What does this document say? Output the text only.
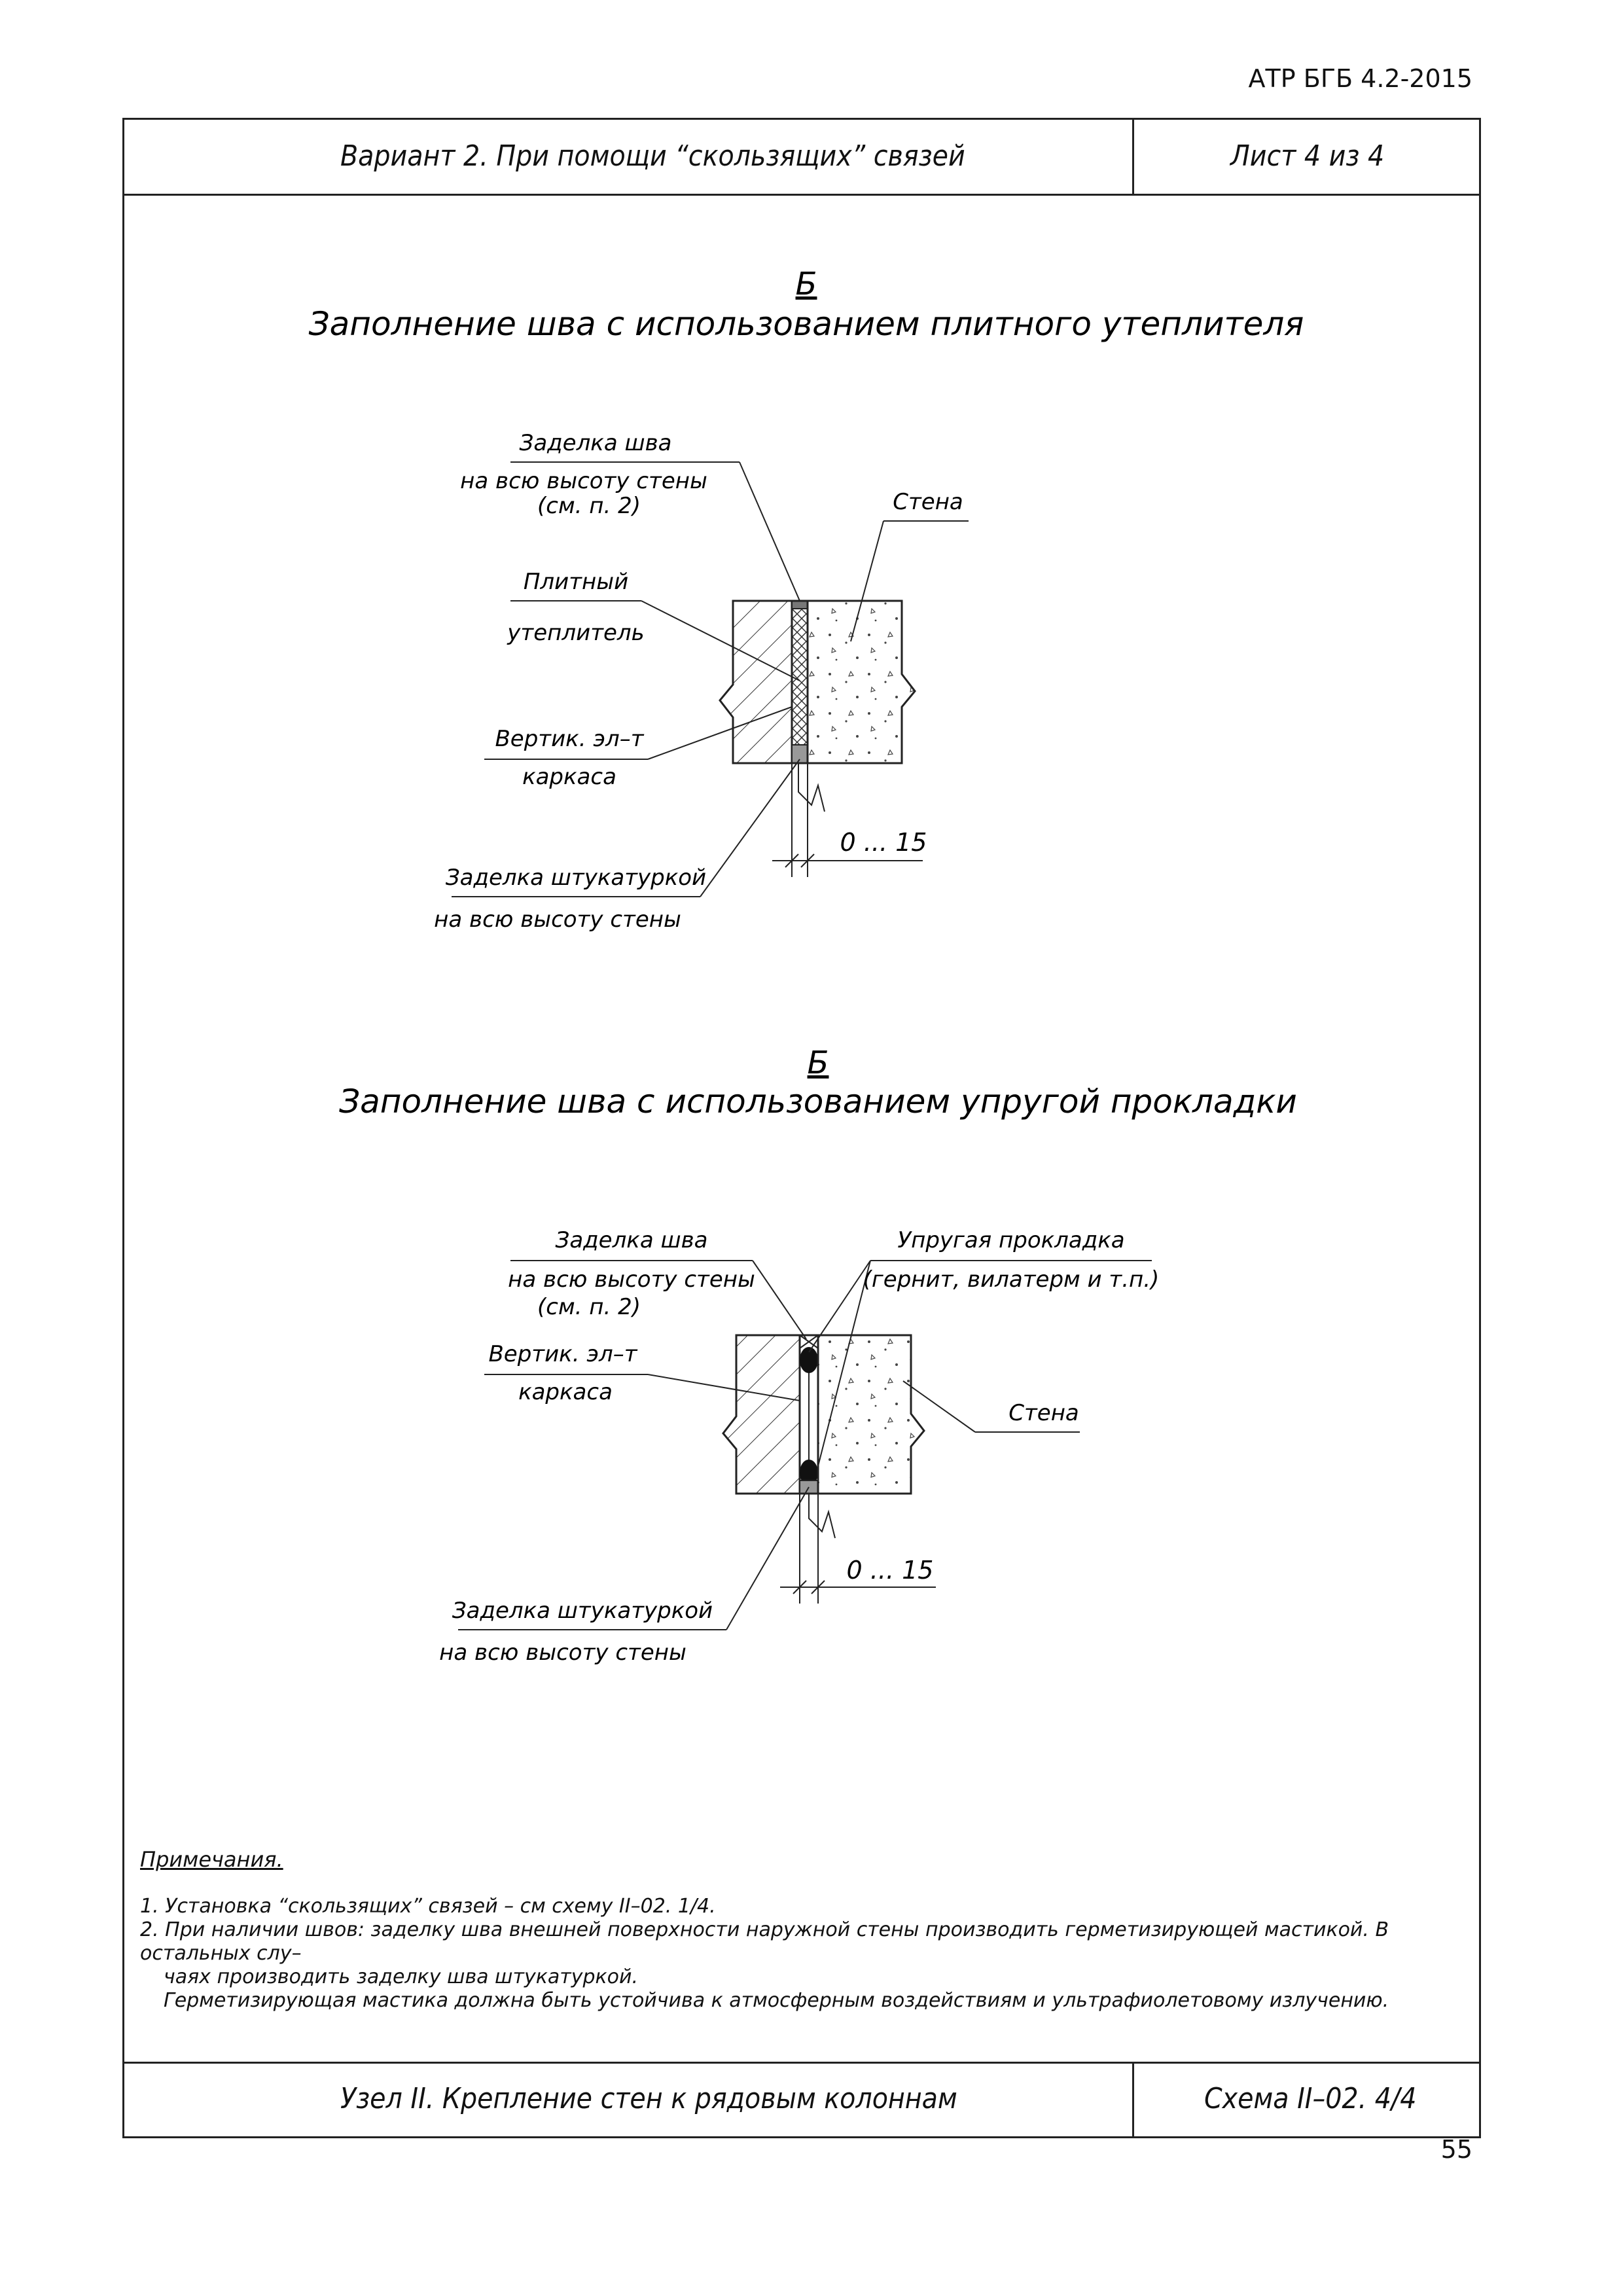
АТР БГБ 4.2-2015
Вариант 2. При помощи “скользящих” связей	Лист 4 из 4
Узел II. Крепление стен к рядовым колоннам	Схема II–02. 4/4
Примечания.

1. Установка “скользящих” связей – см схему II–02. 1/4.

2. При наличии швов: заделку шва внешней поверхности наружной стены производить герметизирующей мастикой. В остальных слу–

чаях производить заделку шва штукатуркой.

Герметизирующая мастика должна быть устойчива к атмосферным воздействиям и ультрафиолетовому излучению.

Б
Заполнение шва с использованием плитного утеплителя
0 ... 15
Заделка шва
на всю высоту стены
(см. п. 2)	Стена
Плитный
утеплитель
Вертик. эл–т
каркаса
Заделка штукатуркой
на всю высоту стены
Б
Заполнение шва с использованием упругой прокладки
0 ... 15
Заделка шва
на всю высоту стены
(см. п. 2)
Упругая прокладка
(гернит, вилатерм и т.п.)
Вертик. эл–т
каркаса
Стена
Заделка штукатуркой
на всю высоту стены
55
